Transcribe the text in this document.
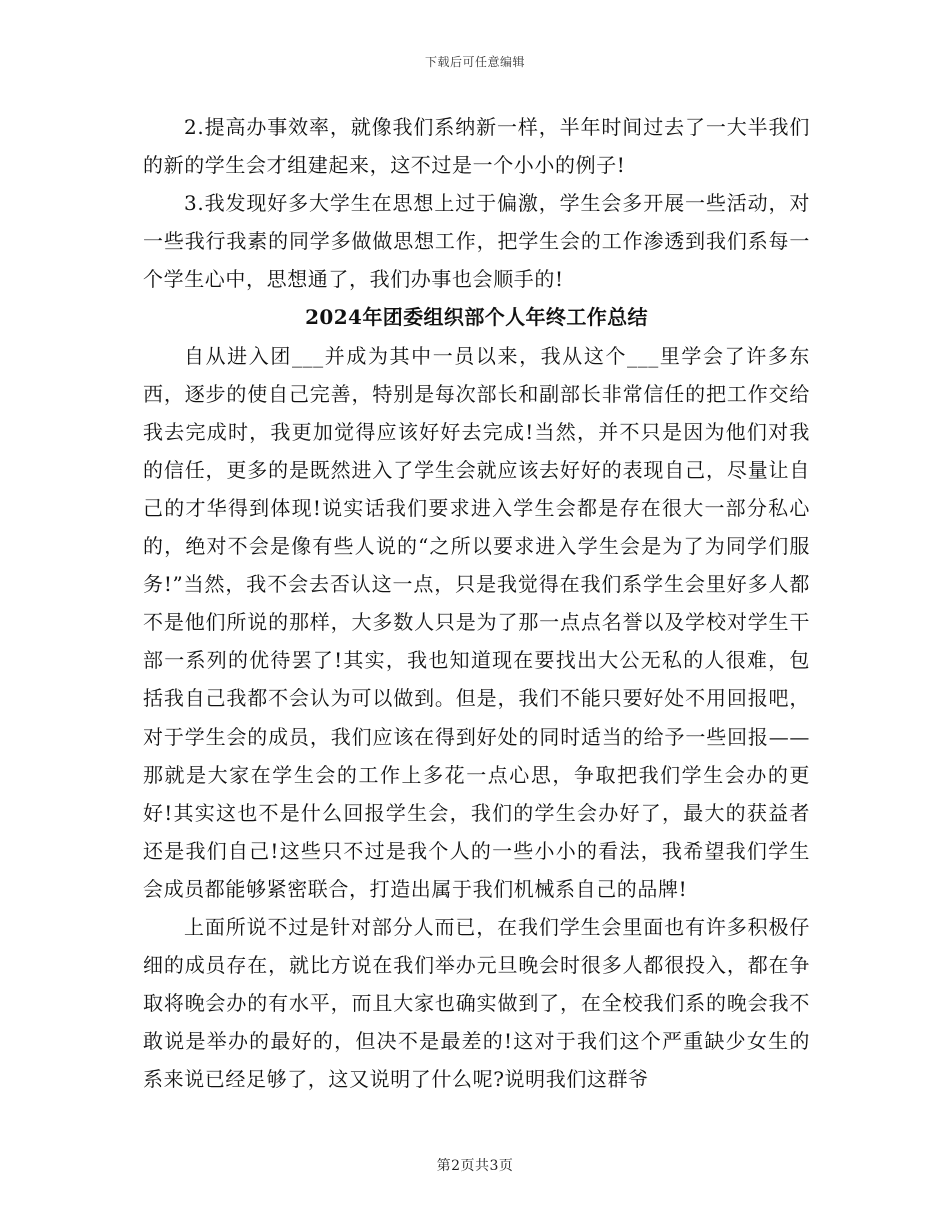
下载后可任意编辑

2.提高办事效率，就像我们系纳新一样，半年时间过去了一大半我们的新的学生会才组建起来，这不过是一个小小的例子!

3.我发现好多大学生在思想上过于偏激，学生会多开展一些活动，对一些我行我素的同学多做做思想工作，把学生会的工作渗透到我们系每一个学生心中，思想通了，我们办事也会顺手的!

2024年团委组织部个人年终工作总结

自从进入团___并成为其中一员以来，我从这个___里学会了许多东西，逐步的使自己完善，特别是每次部长和副部长非常信任的把工作交给我去完成时，我更加觉得应该好好去完成!当然，并不只是因为他们对我的信任，更多的是既然进入了学生会就应该去好好的表现自己，尽量让自己的才华得到体现!说实话我们要求进入学生会都是存在很大一部分私心的，绝对不会是像有些人说的“之所以要求进入学生会是为了为同学们服务!”当然，我不会去否认这一点，只是我觉得在我们系学生会里好多人都不是他们所说的那样，大多数人只是为了那一点点名誉以及学校对学生干部一系列的优待罢了!其实，我也知道现在要找出大公无私的人很难，包括我自己我都不会认为可以做到。但是，我们不能只要好处不用回报吧，对于学生会的成员，我们应该在得到好处的同时适当的给予一些回报——那就是大家在学生会的工作上多花一点心思，争取把我们学生会办的更好!其实这也不是什么回报学生会，我们的学生会办好了，最大的获益者还是我们自己!这些只不过是我个人的一些小小的看法，我希望我们学生会成员都能够紧密联合，打造出属于我们机械系自己的品牌!

上面所说不过是针对部分人而已，在我们学生会里面也有许多积极仔细的成员存在，就比方说在我们举办元旦晚会时很多人都很投入，都在争取将晚会办的有水平，而且大家也确实做到了，在全校我们系的晚会我不敢说是举办的最好的，但决不是最差的!这对于我们这个严重缺少女生的系来说已经足够了，这又说明了什么呢?说明我们这群爷

第2页共3页
